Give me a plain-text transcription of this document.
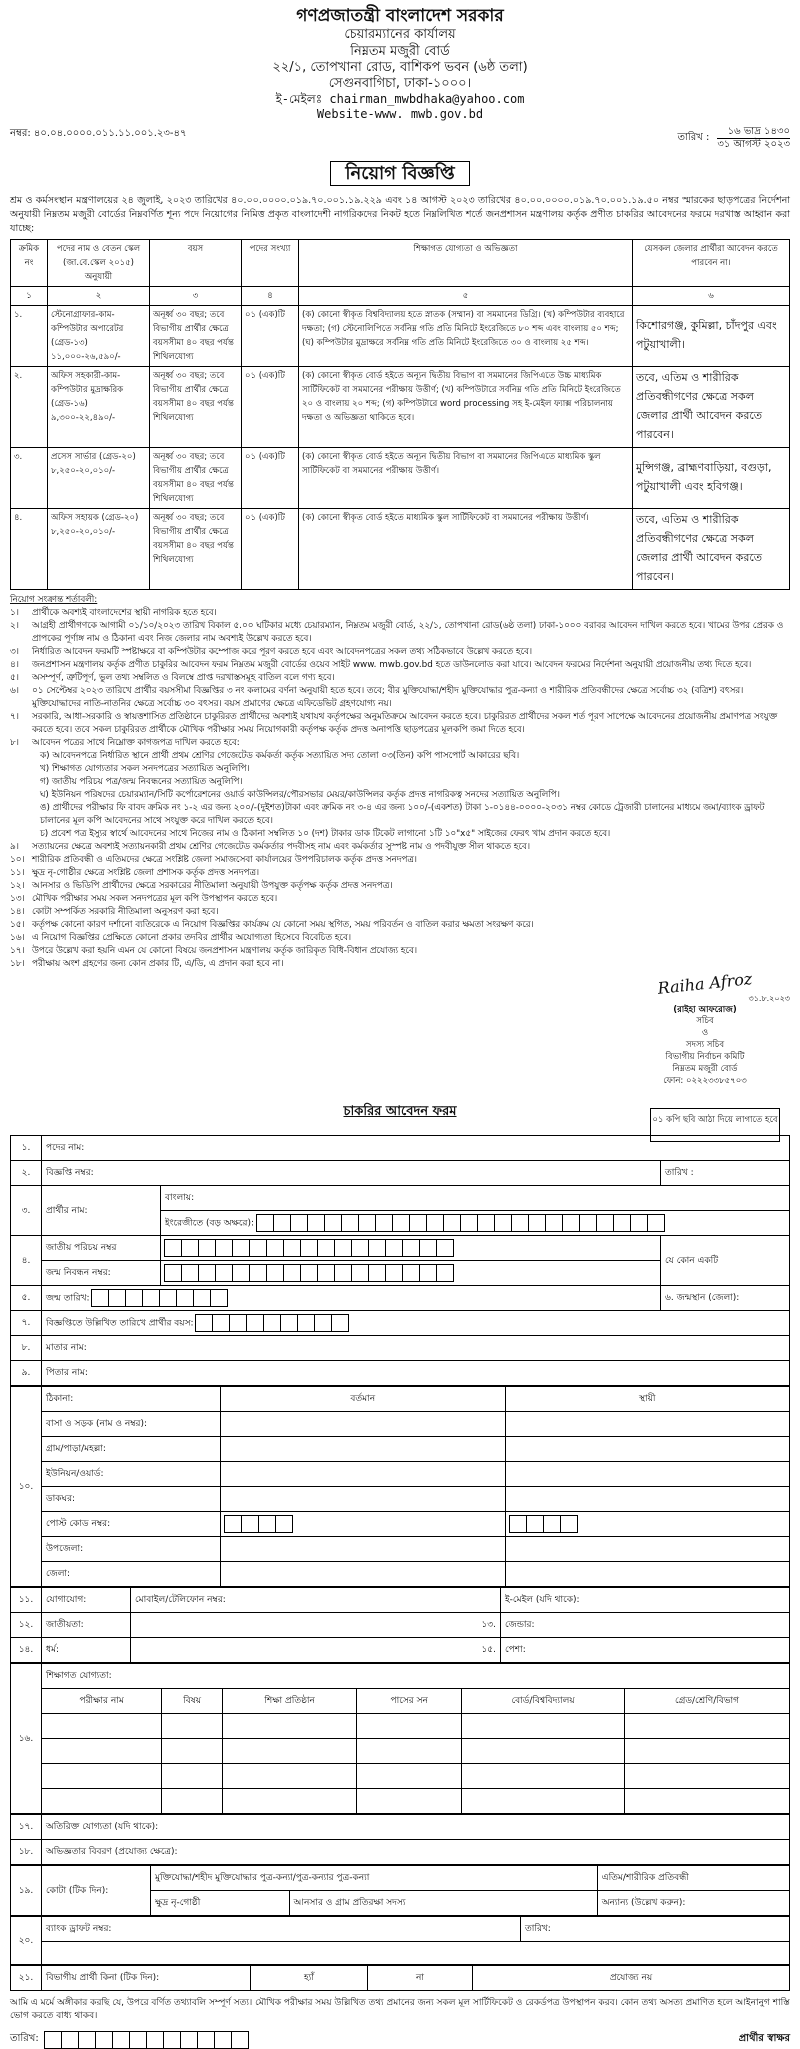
গণপ্রজাতন্ত্রী বাংলাদেশ সরকার
চেয়ারম্যানের কার্যালয়
নিম্নতম মজুরী বোর্ড
২২/১, তোপখানা রোড, বাশিকপ ভবন (৬ষ্ঠ তলা)
সেগুনবাগিচা, ঢাকা-১০০০।
ই-মেইলঃ chairman_mwbdhaka@yahoo.com
Website-www. mwb.gov.bd
নম্বর: ৪০.০৪.০০০০.০১১.১১.০০১.২৩-৪৭	তারিখ :
১৬ ভাদ্র ১৪৩০
৩১ আগস্ট ২০২৩
নিয়োগ বিজ্ঞপ্তি
শ্রম ও কর্মসংস্থান মন্ত্রণালয়ের ২৪ জুলাই, ২০২৩ তারিখের ৪০.০০.০০০০.০১৯.৭০.০০১.১৯.২২৯ এবং ১৪ আগস্ট ২০২৩ তারিখের ৪০.০০.০০০০.০১৯.৭০.০০১.১৯.৫০ নম্বর স্মারকের ছাড়পত্রের নির্দেশনা অনুযায়ী নিম্নতম মজুরী বোর্ডের নিম্নবর্ণিত শূন্য পদে নিয়োগের নিমিত্ত প্রকৃত বাংলাদেশী নাগরিকদের নিকট হতে নিম্নলিখিত শর্তে জনপ্রশাসন মন্ত্রণালয় কর্তৃক প্রণীত চাকরির আবেদনের ফরমে দরখাস্ত আহ্বান করা যাচ্ছে:
ক্রমিক নং	পদের নাম ও বেতন স্কেল (জা.বে.স্কেল ২০১৫) অনুযায়ী	বয়স	পদের সংখ্যা	শিক্ষাগত যোগ্যতা ও অভিজ্ঞতা	যেসকল জেলার প্রার্থীরা আবেদন করতে পারবেন না।
১	২	৩	৪	৫	৬
১.	স্টেনোগ্রাফার-কাম-কম্পিউটার অপারেটর (গ্রেড-১৩) ১১,০০০-২৬,৫৯০/-	অনূর্ধ্ব ৩০ বছর; তবে বিভাগীয় প্রার্থীর ক্ষেত্রে বয়সসীমা ৪০ বছর পর্যন্ত শিথিলযোগ্য	০১ (এক)টি	(ক) কোনো স্বীকৃত বিশ্ববিদ্যালয় হতে স্নাতক (সম্মান) বা সমমানের ডিগ্রি। (খ) কম্পিউটার ব্যবহারে দক্ষতা; (গ) স্টেনোলিপিতে সর্বনিম্ন গতি প্রতি মিনিটে ইংরেজিতে ৮০ শব্দ এবং বাংলায় ৫০ শব্দ; (ঘ) কম্পিউটার মুদ্রাক্ষরে সর্বনিম্ন গতি প্রতি মিনিটে ইংরেজিতে ৩০ ও বাংলায় ২৫ শব্দ।	কিশোরগঞ্জ, কুমিল্লা, চাঁদপুর এবং পটুয়াখালী।
২.	অফিস সহকারী-কাম-কম্পিউটার মুদ্রাক্ষরিক (গ্রেড-১৬) ৯,৩০০-২২,৪৯০/-	অনূর্ধ্ব ৩০ বছর; তবে বিভাগীয় প্রার্থীর ক্ষেত্রে বয়সসীমা ৪০ বছর পর্যন্ত শিথিলযোগ্য	০১ (এক)টি	(ক) কোনো স্বীকৃত বোর্ড হইতে অন্যূন দ্বিতীয় বিভাগ বা সমমানের জিপিএতে উচ্চ মাধ্যমিক সার্টিফিকেট বা সমমানের পরীক্ষায় উত্তীর্ণ; (খ) কম্পিউটারে সর্বনিম্ন গতি প্রতি মিনিটে ইংরেজিতে ২০ ও বাংলায় ২০ শব্দ; (গ) কম্পিউটারে word processing সহ ই-মেইল ফ্যাক্স পরিচালনায় দক্ষতা ও অভিজ্ঞতা থাকিতে হবে।	তবে, এতিম ও শারীরিক প্রতিবন্ধীগণের ক্ষেত্রে সকল জেলার প্রার্থী আবেদন করতে পারবেন।
৩.	প্রসেস সার্ভার (গ্রেড-২০) ৮,২৫০-২০,০১০/-	অনূর্ধ্ব ৩০ বছর; তবে বিভাগীয় প্রার্থীর ক্ষেত্রে বয়সসীমা ৪০ বছর পর্যন্ত শিথিলযোগ্য	০১ (এক)টি	(ক) কোনো স্বীকৃত বোর্ড হইতে অন্যূন দ্বিতীয় বিভাগ বা সমমানের জিপিএতে মাধ্যমিক স্কুল সার্টিফিকেট বা সমমানের পরীক্ষায় উত্তীর্ণ।	মুন্সিগঞ্জ, ব্রাহ্মণবাড়িয়া, বগুড়া, পটুয়াখালী এবং হবিগঞ্জ।
৪.	অফিস সহায়ক (গ্রেড-২০) ৮,২৫০-২০,০১০/-	অনূর্ধ্ব ৩০ বছর; তবে বিভাগীয় প্রার্থীর ক্ষেত্রে বয়সসীমা ৪০ বছর পর্যন্ত শিথিলযোগ্য	০১ (এক)টি	(ক) কোনো স্বীকৃত বোর্ড হইতে মাধ্যমিক স্কুল সার্টিফিকেট বা সমমানের পরীক্ষায় উত্তীর্ণ।	তবে, এতিম ও শারীরিক প্রতিবন্ধীগণের ক্ষেত্রে সকল জেলার প্রার্থী আবেদন করতে পারবেন।
নিয়োগ সংক্রান্ত শর্তাবলী:
১।	প্রার্থীকে অবশ্যই বাংলাদেশের স্থায়ী নাগরিক হতে হবে।
২।	আগ্রহী প্রার্থীগণকে আগামী ০১/১০/২০২৩ তারিখ বিকাল ৫.০০ ঘটিকার মধ্যে চেয়ারম্যান, নিম্নতম মজুরী বোর্ড, ২২/১, তোপখানা রোড(৬ষ্ঠ তলা) ঢাকা-১০০০ বরাবর আবেদন দাখিল করতে হবে। খামের উপর প্রেরক ও প্রাপকের পূর্ণাঙ্গ নাম ও ঠিকানা এবং নিজ জেলার নাম অবশ্যই উল্লেখ করতে হবে।
৩।	নির্ধারিত আবেদন ফরমটি স্পষ্টাক্ষরে বা কম্পিউটার কম্পোজ করে পূরণ করতে হবে এবং আবেদনপত্রের সকল তথ্য সঠিকভাবে উল্লেখ করতে হবে।
৪।	জনপ্রশাসন মন্ত্রণালয় কর্তৃক প্রণীত চাকুরির আবেদন ফরম নিম্নতম মজুরী বোর্ডের ওয়েব সাইট www. mwb.gov.bd হতে ডাউনলোড করা যাবে। আবেদন ফরমের নির্দেশনা অনুযায়ী প্রয়োজনীয় তথ্য দিতে হবে।
৫।	অসম্পূর্ণ, ত্রুটিপূর্ণ, ভুল তথ্য সম্বলিত ও বিলম্বে প্রাপ্ত দরখাস্তসমূহ বাতিল বলে গণ্য হবে।
৬।	০১ সেপ্টেম্বর ২০২৩ তারিখে প্রার্থীর বয়সসীমা বিজ্ঞপ্তির ৩ নং কলামের বর্ণনা অনুযায়ী হতে হবে। তবে; বীর মুক্তিযোদ্ধা/শহীদ মুক্তিযোদ্ধার পুত্র-কন্যা ও শারীরিক প্রতিবন্ধীদের ক্ষেত্রে সর্বোচ্চ ৩২ (বত্রিশ) বৎসর। মুক্তিযোদ্ধাদের নাতি-নাতনির ক্ষেত্রে সর্বোচ্চ ৩০ বৎসর। বয়স প্রমাণের ক্ষেত্রে এফিডেভিট গ্রহণযোগ্য নয়।
৭।	সরকারি, আধা-সরকারি ও স্বায়ত্তশাসিত প্রতিষ্ঠানে চাকুরিরত প্রার্থীদের অবশ্যই যথাযথ কর্তৃপক্ষের অনুমতিক্রমে আবেদন করতে হবে। চাকুরিরত প্রার্থীদের সকল শর্ত পূরণ সাপেক্ষে আবেদনের প্রয়োজনীয় প্রমাণপত্র সংযুক্ত করতে হবে। তবে সকল চাকুরিরত প্রার্থীকে মৌখিক পরীক্ষার সময় নিয়োগকারী কর্তৃপক্ষ কর্তৃক প্রদত্ত অনাপত্তি ছাড়পত্রের মূলকপি জমা দিতে হবে।
৮।	আবেদন পত্রের সাথে নিম্নোক্ত কাগজপত্র দাখিল করতে হবে:
ক) আবেদনপত্রে নির্ধারিত স্থানে প্রার্থী প্রথম শ্রেণির গেজেটেড কর্মকর্তা কর্তৃক সত্যায়িত সদ্য তোলা ০৩(তিন) কপি পাসপোর্ট আকারের ছবি।
খ) শিক্ষাগত যোগ্যতার সকল সনদপত্রের সত্যায়িত অনুলিপি।
গ) জাতীয় পরিচয় পত্র/জন্ম নিবন্ধনের সত্যায়িত অনুলিপি।
ঘ) ইউনিয়ন পরিষদের চেয়ারম্যান/সিটি কর্পোরেশনের ওয়ার্ড কাউন্সিলর/পৌরসভার মেয়র/কাউন্সিলর কর্তৃক প্রদত্ত নাগরিকত্ব সনদের সত্যায়িত অনুলিপি।
ঙ) প্রার্থীদের পরীক্ষার ফি বাবদ ক্রমিক নং ১-২ এর জন্য ২০০/-(দুইশত)টাকা এবং ক্রমিক নং ৩-৪ এর জন্য ১০০/-(একশত) টাকা ১-০১৪৪-০০০০-২০৩১ নম্বর কোডে ট্রেজারী চালানের মাধ্যমে জমা/ব্যাংক ড্রাফট চালানের মূল কপি আবেদনের সাথে সংযুক্ত করে দাখিল করতে হবে।
চ) প্রবেশ পত্র ইস্যুর স্বার্থে আবেদনের সাথে নিজের নাম ও ঠিকানা সম্বলিত ১০ (দশ) টাকার ডাক টিকেট লাগানো ১টি ১০"x৫" সাইজের ফেরৎ খাম প্রদান করতে হবে।
৯।	সত্যায়নের ক্ষেত্রে অবশ্যই সত্যায়নকারী প্রথম শ্রেণির গেজেটেড কর্মকর্তার পদবীসহ নাম এবং কর্মকর্তার সুস্পষ্ট নাম ও পদবীযুক্ত সীল থাকতে হবে।
১০। শারীরিক প্রতিবন্ধী ও এতিমদের ক্ষেত্রে সংশ্লিষ্ট জেলা সমাজসেবা কার্যালয়ের উপপরিচালক কর্তৃক প্রদত্ত সনদপত্র।
১১। ক্ষুদ্র নৃ-গোষ্ঠীর ক্ষেত্রে সংশ্লিষ্ট জেলা প্রশাসক কর্তৃক প্রদত্ত সনদপত্র।
১২। আনসার ও ভিডিপি প্রার্থীদের ক্ষেত্রে সরকারের নীতিমালা অনুযায়ী উপযুক্ত কর্তৃপক্ষ কর্তৃক প্রদত্ত সনদপত্র।
১৩। মৌখিক পরীক্ষার সময় সকল সনদপত্রের মূল কপি উপস্থাপন করতে হবে।
১৪। কোটা সম্পর্কিত সরকারি নীতিমালা অনুসরণ করা হবে।
১৫। কর্তৃপক্ষ কোনো কারণ দর্শানো ব্যতিরেকে এ নিয়োগ বিজ্ঞপ্তির কার্যক্রম যে কোনো সময় স্থগিত, সময় পরিবর্তন ও বাতিল করার ক্ষমতা সংরক্ষণ করে।
১৬। এ নিয়োগ বিজ্ঞপ্তির প্রেক্ষিতে কোনো প্রকার তদবির প্রার্থীর অযোগ্যতা হিসেবে বিবেচিত হবে।
১৭। উপরে উল্লেখ করা হয়নি এমন যে কোনো বিষয়ে জনপ্রশাসন মন্ত্রণালয় কর্তৃক জারিকৃত বিধি-বিধান প্রযোজ্য হবে।
১৮। পরীক্ষায় অংশ গ্রহণের জন্য কোন প্রকার টি, এ/ডি, এ প্রদান করা হবে না।
Raiha Afroz
৩১.৮.২০২৩
(রাইহা আফরোজ)
সচিব
ও
সদস্য সচিব
বিভাগীয় নির্বাচন কমিটি
নিম্নতম মজুরী বোর্ড
ফোন: ০২২২৩৩৮৫৭০৩
চাকরির আবেদন ফরম
০১ কপি ছবি আঠা দিয়ে লাগাতে হবে
১.	পদের নাম:		
২.	বিজ্ঞপ্তি নম্বর:		তারিখ :
৩.	প্রার্থীর নাম:	বাংলায়:	
		ইংরেজীতে (বড় অক্ষরে):	

৪.	জাতীয় পরিচয় নম্বর		যে কোন একটি
	জন্ম নিবন্ধন নম্বর:		

৫.	জন্ম তারিখ:		৬. জন্মস্থান (জেলা):
৭.	বিজ্ঞপ্তিতে উল্লিখিত তারিখে প্রার্থীর বয়স:		

৮.	মাতার নাম:		
৯.	পিতার নাম:		
১০.	ঠিকানা:	বর্তমান	স্থায়ী
	বাসা ও সড়ক (নাম ও নম্বর):		
	গ্রাম/পাড়া/মহল্লা:		
	ইউনিয়ন/ওয়ার্ড:		
	ডাকঘর:		
	পোস্ট কোড নম্বর:	

	উপজেলা:		
	জেলা:		
১১.	যোগাযোগ:	মোবাইল/টেলিফোন নম্বর:	ই-মেইল (যদি থাকে):
১২.	জাতীয়তা:	১৩.	জেন্ডার:
১৪.	ধর্ম:	১৫.	পেশা:
১৬.	শিক্ষাগত যোগ্যতা:					
	পরীক্ষার নাম	বিষয়	শিক্ষা প্রতিষ্ঠান	পাসের সন	বোর্ড/বিশ্ববিদ্যালয়	গ্রেড/শ্রেণি/বিভাগ

১৭.	অতিরিক্ত যোগ্যতা (যদি থাকে):
১৮.	অভিজ্ঞতার বিবরণ (প্রযোজ্য ক্ষেত্রে):
১৯.	কোটা (টিক দিন):	মুক্তিযোদ্ধা/শহীদ মুক্তিযোদ্ধার পুত্র-কন্যা/পুত্র-কন্যার পুত্র-কন্যা		এতিম/শারীরিক প্রতিবন্ধী
		ক্ষুদ্র নৃ-গোষ্ঠী	আনসার ও গ্রাম প্রতিরক্ষা সদস্য	অন্যান্য (উল্লেখ করুন):
২০.	ব্যাংক ড্রাফট নম্বর:	তারিখ:

২১.	বিভাগীয় প্রার্থী কিনা (টিক দিন):	হ্যাঁ	না	প্রযোজ্য নয়
আমি এ মর্মে অঙ্গীকার করছি যে, উপরে বর্ণিত তথ্যাবলি সম্পূর্ণ সত্য। মৌখিক পরীক্ষার সময় উল্লিখিত তথ্য প্রমানের জন্য সকল মূল সার্টিফিকেট ও রেকর্ডপত্র উপস্থাপন করব। কোন তথ্য অসত্য প্রমাণিত হলে আইনানুগ শাস্তি ভোগ করতে বাধ্য থাকব।
তারিখ:	প্রার্থীর স্বাক্ষর
